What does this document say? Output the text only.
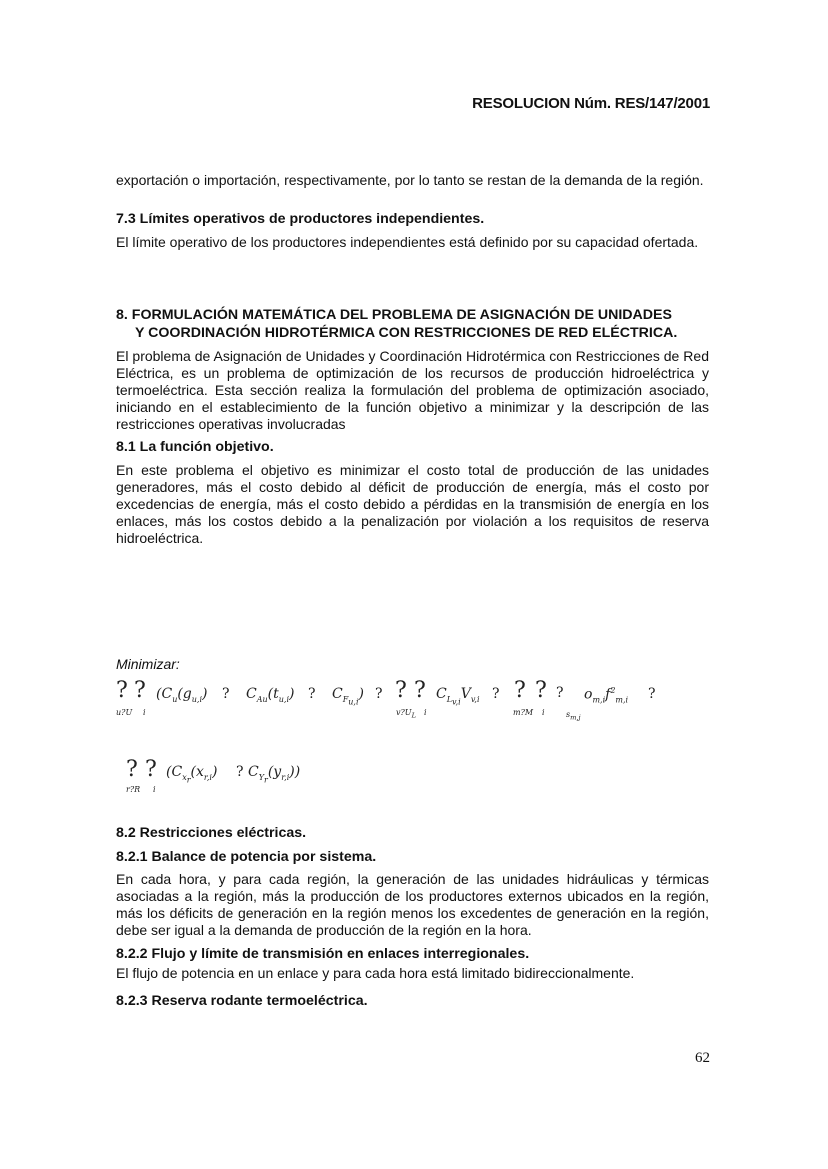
RESOLUCION Núm. RES/147/2001
exportación o importación, respectivamente, por lo tanto se restan de la demanda de la región.
7.3 Límites operativos de productores independientes.
El límite operativo de los productores independientes está definido por su capacidad ofertada.
8. FORMULACIÓN MATEMÁTICA DEL PROBLEMA DE ASIGNACIÓN DE UNIDADES
Y COORDINACIÓN HIDROTÉRMICA CON RESTRICCIONES DE RED ELÉCTRICA.
El problema de Asignación de Unidades y Coordinación Hidrotérmica con Restricciones de Red Eléctrica, es un problema de optimización de los recursos de producción hidroeléctrica y termoeléctrica. Esta sección realiza la formulación del problema de optimización asociado, iniciando en el establecimiento de la función objetivo a minimizar y la descripción de las restricciones operativas involucradas
8.1 La función objetivo.
En este problema el objetivo es minimizar el costo total de producción de las unidades generadores, más el costo debido al déficit de producción de energía, más el costo por excedencias de energía, más el costo debido a pérdidas en la transmisión de energía en los enlaces, más los costos debido a la penalización por violación a los requisitos de reserva hidroeléctrica.
Minimizar:
? ?
u?U i
($C_u(g_{u,i})$ ? $C_{Au}(t_{u,i})$ ? $C_{F_{u,i}}$) ? ? ?
$v?U_L$ i
$C_{L_{v,i}}V_{v,i}$ ? ? ?
m?M i
?
$s_{m,j}$
$o_{m,i}f^2_{m,i}$ ?
? ?
r?R i
($C_{x_r}(x_{r,i})$ ? $C_{Y_r}(y_{r,i})$)
8.2 Restricciones eléctricas.
8.2.1 Balance de potencia por sistema.
En cada hora, y para cada región, la generación de las unidades hidráulicas y térmicas asociadas a la región, más la producción de los productores externos ubicados en la región, más los déficits de generación en la región menos los excedentes de generación en la región, debe ser igual a la demanda de producción de la región en la hora.
8.2.2 Flujo y límite de transmisión en enlaces interregionales.
El flujo de potencia en un enlace y para cada hora está limitado bidireccionalmente.
8.2.3 Reserva rodante termoeléctrica.
62
